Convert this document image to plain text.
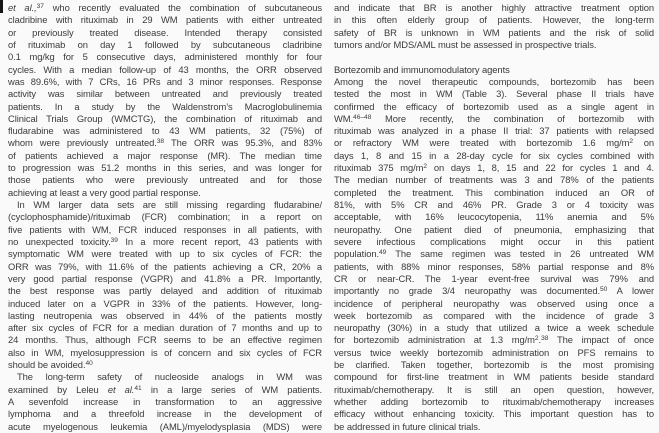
et al.,$^{37}$ who recently evaluated the combination of subcutaneous
cladribine with rituximab in 29 WM patients with either untreated
or previously treated disease. Intended therapy consisted
of rituximab on day 1 followed by subcutaneous cladribine
0.1 mg/kg for 5 consecutive days, administered monthly for four
cycles. With a median follow-up of 43 months, the ORR observed
was 89.6%, with 7 CRs, 16 PRs and 3 minor responses. Response
activity was similar between untreated and previously treated
patients. In a study by the Waldenstrom’s Macroglobulinemia
Clinical Trials Group (WMCTG), the combination of rituximab and
fludarabine was administered to 43 WM patients, 32 (75%) of
whom were previously untreated.$^{38}$ The ORR was 95.3%, and 83%
of patients achieved a major response (MR). The median time
to progression was 51.2 months in this series, and was longer for
those patients who were previously untreated and for those
achieving at least a very good partial response.
In WM larger data sets are still missing regarding fludarabine/
(cyclophosphamide)/rituximab (FCR) combination; in a report on
five patients with WM, FCR induced responses in all patients, with
no unexpected toxicity.$^{39}$ In a more recent report, 43 patients with
symptomatic WM were treated with up to six cycles of FCR: the
ORR was 79%, with 11.6% of the patients achieving a CR, 20% a
very good partial response (VGPR) and 41.8% a PR. Importantly,
the best response was partly delayed and addition of rituximab
induced later on a VGPR in 33% of the patients. However, long-
lasting neutropenia was observed in 44% of the patients mostly
after six cycles of FCR for a median duration of 7 months and up to
24 months. Thus, although FCR seems to be an effective regimen
also in WM, myelosuppression is of concern and six cycles of FCR
should be avoided.$^{40}$
The long-term safety of nucleoside analogs in WM was
examined by Leleu et al.$^{41}$ in a large series of WM patients.
A sevenfold increase in transformation to an aggressive
lymphoma and a threefold increase in the development of
acute myelogenous leukemia (AML)/myelodysplasia (MDS) were
and indicate that BR is another highly attractive treatment option
in this often elderly group of patients. However, the long-term
safety of BR is unknown in WM patients and the risk of solid
tumors and/or MDS/AML must be assessed in prospective trials.
Bortezomib and immunomodulatory agents
Among the novel therapeutic compounds, bortezomib has been
tested the most in WM (Table 3). Several phase II trials have
confirmed the efficacy of bortezomib used as a single agent in
WM.$^{46-48}$ More recently, the combination of bortezomib with
rituximab was analyzed in a phase II trial: 37 patients with relapsed
or refractory WM were treated with bortezomib 1.6 $mg/m^2$ on
days 1, 8 and 15 in a 28-day cycle for six cycles combined with
rituximab 375 $mg/m^2$ on days 1, 8, 15 and 22 for cycles 1 and 4.
The median number of treatments was 3 and 78% of the patients
completed the treatment. This combination induced an OR of
81%, with 5% CR and 46% PR. Grade 3 or 4 toxicity was
acceptable, with 16% leucocytopenia, 11% anemia and 5%
neuropathy. One patient died of pneumonia, emphasizing that
severe infectious complications might occur in this patient
population.$^{49}$ The same regimen was tested in 26 untreated WM
patients, with 88% minor responses, 58% partial response and 8%
CR or near-CR. The 1-year event-free survival was 79% and
importantly no grade 3/4 neuropathy was documented.$^{50}$ A lower
incidence of peripheral neuropathy was observed using once a
week bortezomib as compared with the incidence of grade 3
neuropathy (30%) in a study that utilized a twice a week schedule
for bortezomib administration at 1.3 $mg/m^2.^{38}$ The impact of once
versus twice weekly bortezomib administration on PFS remains to
be clarified. Taken together, bortezomib is the most promising
compound for first-line treatment in WM patients beside standard
rituximab/chemotherapy. It is still an open question, however,
whether adding bortezomib to rituximab/chemotherapy increases
efficacy without enhancing toxicity. This important question has to
be addressed in future clinical trials.
